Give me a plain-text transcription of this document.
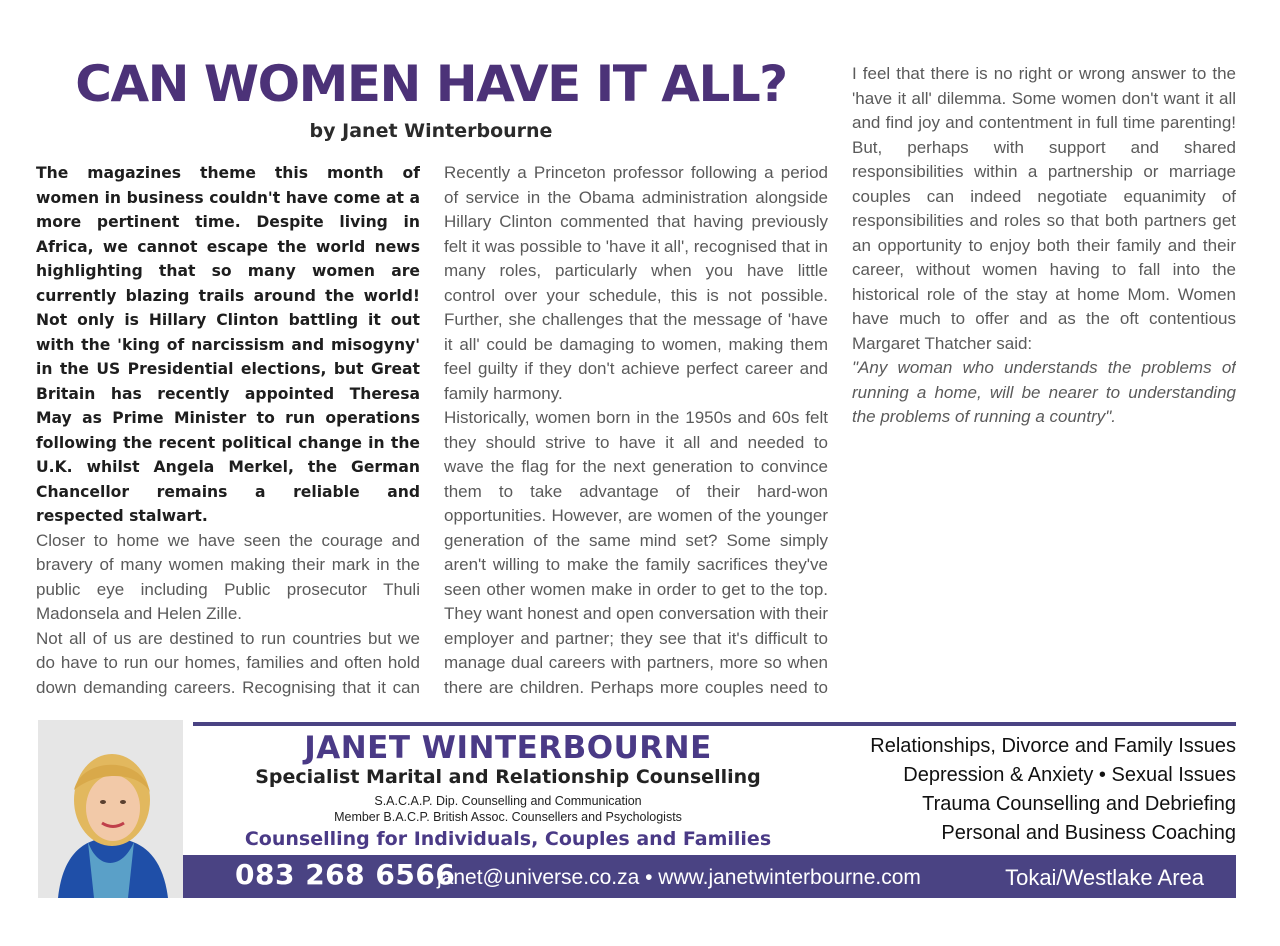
CAN WOMEN HAVE IT ALL?
by Janet Winterbourne

The magazines theme this month of women in business couldn't have come at a more pertinent time. Despite living in Africa, we cannot escape the world news highlighting that so many women are currently blazing trails around the world! Not only is Hillary Clinton battling it out with the 'king of narcissism and misogyny' in the US Presidential elections, but Great Britain has recently appointed Theresa May as Prime Minister to run operations following the recent political change in the U.K. whilst Angela Merkel, the German Chancellor remains a reliable and respected stalwart.

Closer to home we have seen the courage and bravery of many women making their mark in the public eye including Public prosecutor Thuli Madonsela and Helen Zille.

Not all of us are destined to run countries but we do have to run our homes, families and often hold down demanding careers. Recognising that it can

Recently a Princeton professor following a period of service in the Obama administration alongside Hillary Clinton commented that having previously felt it was possible to 'have it all', recognised that in many roles, particularly when you have little control over your schedule, this is not possible. Further, she challenges that the message of 'have it all' could be damaging to women, making them feel guilty if they don't achieve perfect career and family harmony.

Historically, women born in the 1950s and 60s felt they should strive to have it all and needed to wave the flag for the next generation to convince them to take advantage of their hard-won opportunities. However, are women of the younger generation of the same mind set? Some simply aren't willing to make the family sacrifices they've seen other women make in order to get to the top. They want honest and open conversation with their employer and partner; they see that it's difficult to manage dual careers with partners, more so when there are children. Perhaps more couples need to

I feel that there is no right or wrong answer to the 'have it all' dilemma. Some women don't want it all and find joy and contentment in full time parenting! But, perhaps with support and shared responsibilities within a partnership or marriage couples can indeed negotiate equanimity of responsibilities and roles so that both partners get an opportunity to enjoy both their family and their career, without women having to fall into the historical role of the stay at home Mom. Women have much to offer and as the oft contentious Margaret Thatcher said:

"Any woman who understands the problems of running a home, will be nearer to understanding the problems of running a country".

JANET WINTERBOURNE
Specialist Marital and Relationship Counselling
S.A.C.A.P. Dip. Counselling and Communication
Member B.A.C.P. British Assoc. Counsellers and Psychologists
Counselling for Individuals, Couples and Families
Relationships, Divorce and Family Issues
Depression & Anxiety • Sexual Issues
Trauma Counselling and Debriefing
Personal and Business Coaching
083 268 6566
janet@universe.co.za • www.janetwinterbourne.com	Tokai/Westlake Area
